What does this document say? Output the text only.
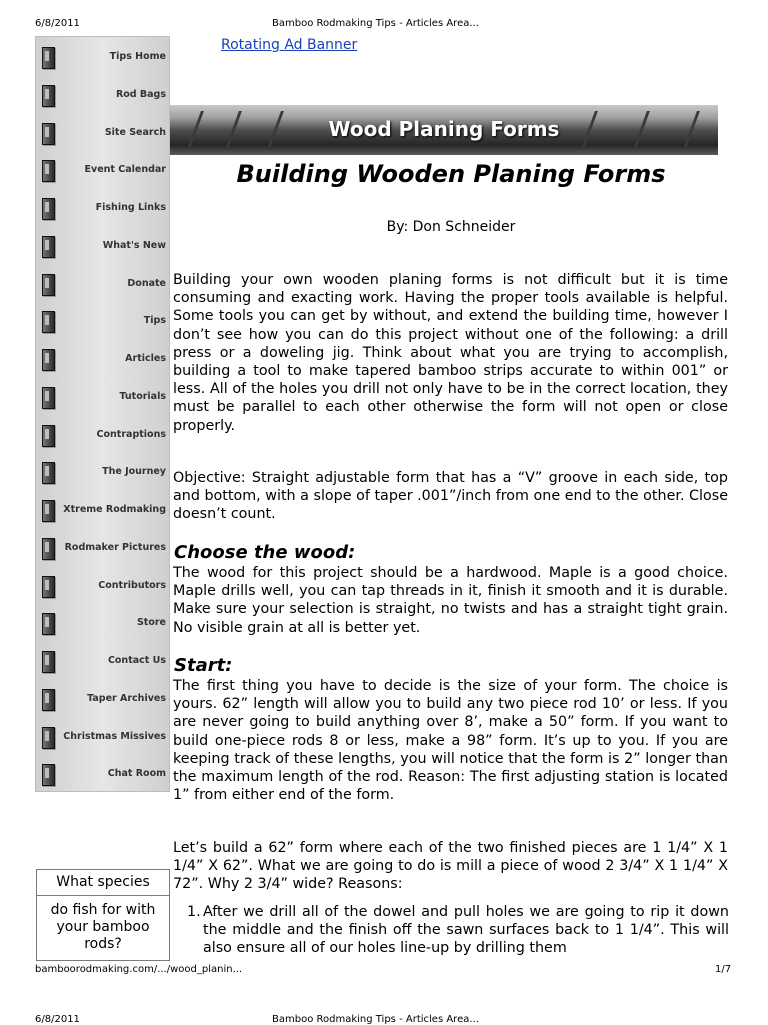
6/8/2011	Bamboo Rodmaking Tips - Articles Area...
Rotating Ad Banner
Tips Home
Rod Bags
Site Search
Event Calendar
Fishing Links
What's New
Donate
Tips
Articles
Tutorials
Contraptions
The Journey
Xtreme Rodmaking
Rodmaker Pictures
Contributors
Store
Contact Us
Taper Archives
Christmas Missives
Chat Room
Wood Planing Forms
Building Wooden Planing Forms
By: Don Schneider

Building your own wooden planing forms is not difficult but it is time consuming and exacting work. Having the proper tools available is helpful. Some tools you can get by without, and extend the building time, however I don’t see how you can do this project without one of the following: a drill press or a doweling jig. Think about what you are trying to accomplish, building a tool to make tapered bamboo strips accurate to within 001” or less. All of the holes you drill not only have to be in the correct location, they must be parallel to each other otherwise the form will not open or close properly.

Objective: Straight adjustable form that has a “V” groove in each side, top and bottom, with a slope of taper .001”/inch from one end to the other. Close doesn’t count.

Choose the wood:

The wood for this project should be a hardwood. Maple is a good choice. Maple drills well, you can tap threads in it, finish it smooth and it is durable. Make sure your selection is straight, no twists and has a straight tight grain. No visible grain at all is better yet.

Start:

The first thing you have to decide is the size of your form. The choice is yours. 62” length will allow you to build any two piece rod 10’ or less. If you are never going to build anything over 8’, make a 50” form. If you want to build one-piece rods 8 or less, make a 98” form. It’s up to you. If you are keeping track of these lengths, you will notice that the form is 2” longer than the maximum length of the rod. Reason: The first adjusting station is located 1” from either end of the form.

Let’s build a 62” form where each of the two finished pieces are 1 1/4” X 1 1/4” X 62”. What we are going to do is mill a piece of wood 2 3/4” X 1 1/4” X 72”. Why 2 3/4” wide? Reasons:

1. After we drill all of the dowel and pull holes we are going to rip it down the middle and the finish off the sawn surfaces back to 1 1/4”. This will also ensure all of our holes line-up by drilling them
What species
do fish for with your bamboo rods?
bamboorodmaking.com/.../wood_planin...	1/7
6/8/2011	Bamboo Rodmaking Tips - Articles Area...
